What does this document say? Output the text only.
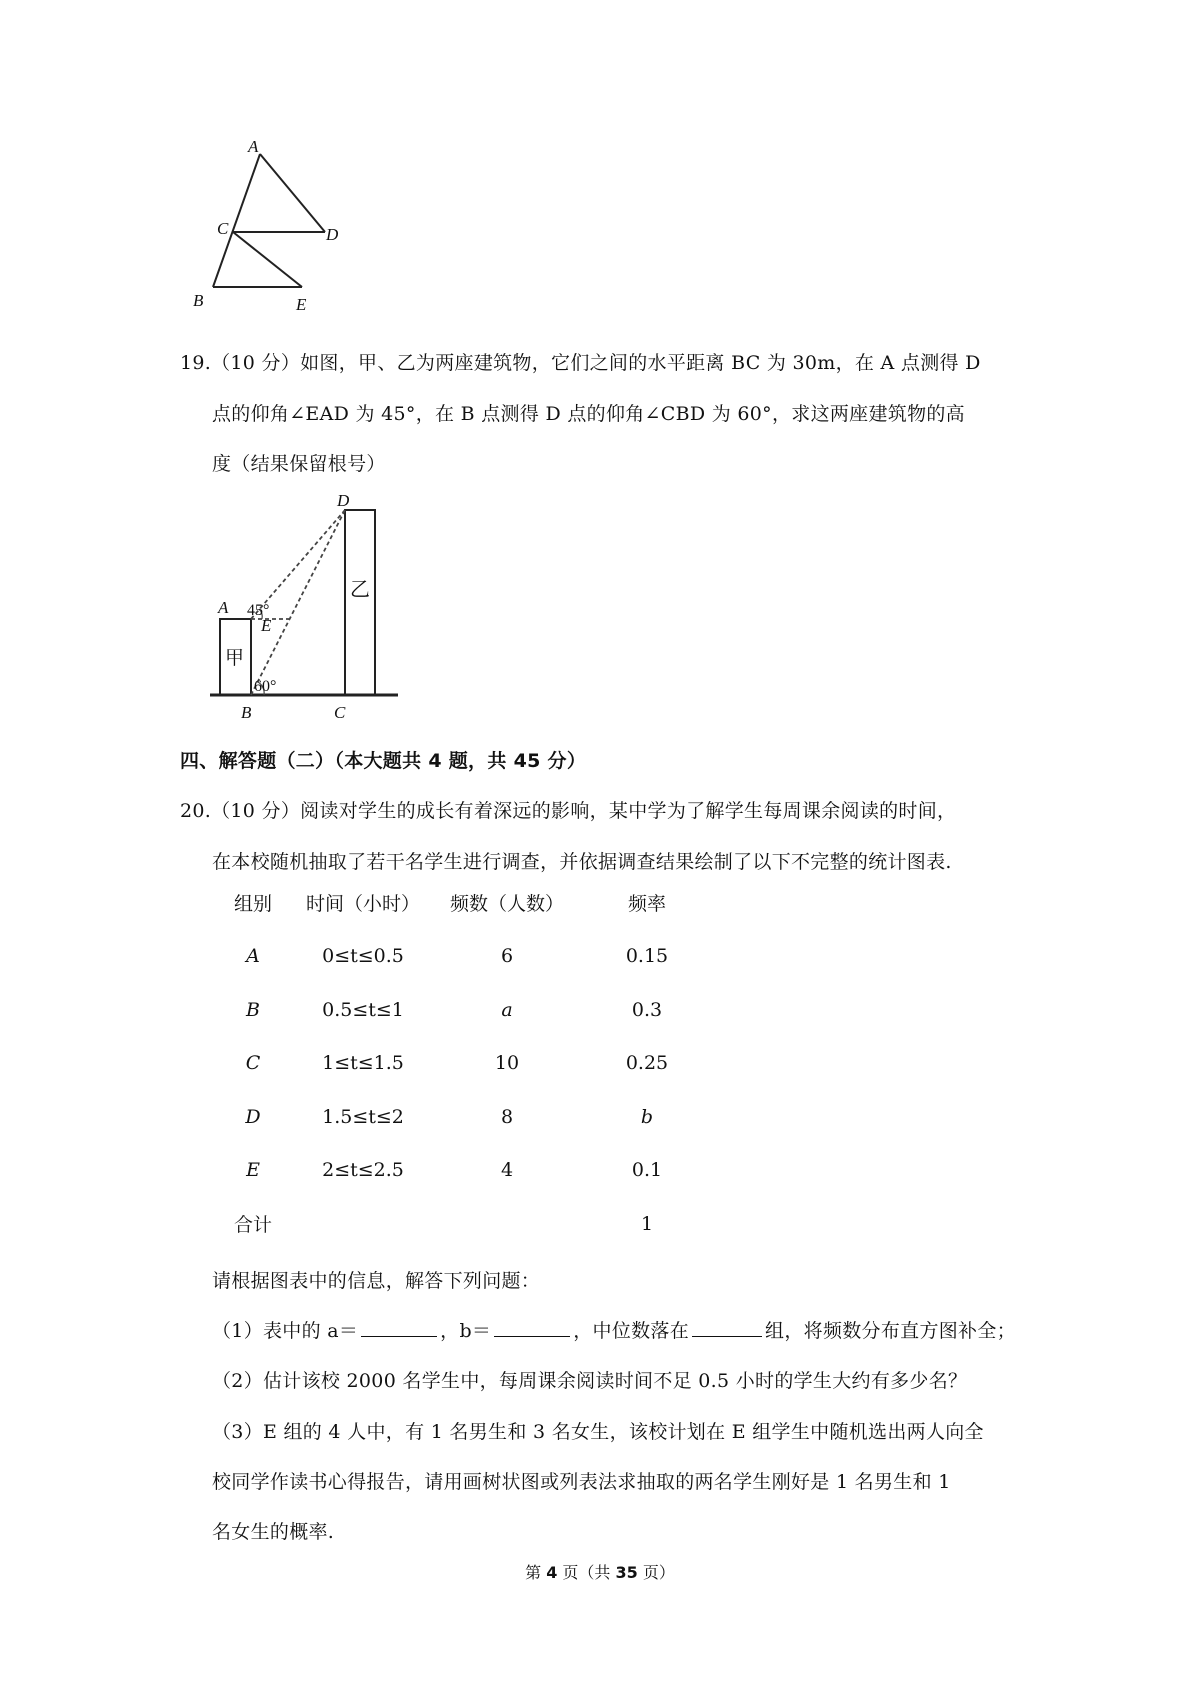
A
C	D
B	E
19.（10 分）如图，甲、乙为两座建筑物，它们之间的水平距离 BC 为 30m，在 A 点测得 D
点的仰角∠EAD 为 45°，在 B 点测得 D 点的仰角∠CBD 为 60°，求这两座建筑物的高
度（结果保留根号）
D
A 45°
E
甲
乙
60°
B	C
四、解答题（二）（本大题共 4 题，共 45 分）
20.（10 分）阅读对学生的成长有着深远的影响，某中学为了解学生每周课余阅读的时间，
在本校随机抽取了若干名学生进行调查，并依据调查结果绘制了以下不完整的统计图表.
组别	时间（小时）	频数（人数）	频率
A	0≤t≤0.5	6	0.15
B	0.5≤t≤1	a	0.3
C	1≤t≤1.5	10	0.25
D	1.5≤t≤2	8	b
E	2≤t≤2.5	4	0.1
合计			1
请根据图表中的信息，解答下列问题：
（1）表中的 a＝	，b＝	，中位数落在	组，将频数分布直方图补全；
（2）估计该校 2000 名学生中，每周课余阅读时间不足 0.5 小时的学生大约有多少名？
（3）E 组的 4 人中，有 1 名男生和 3 名女生，该校计划在 E 组学生中随机选出两人向全
校同学作读书心得报告，请用画树状图或列表法求抽取的两名学生刚好是 1 名男生和 1
名女生的概率.
第 4 页（共 35 页）
